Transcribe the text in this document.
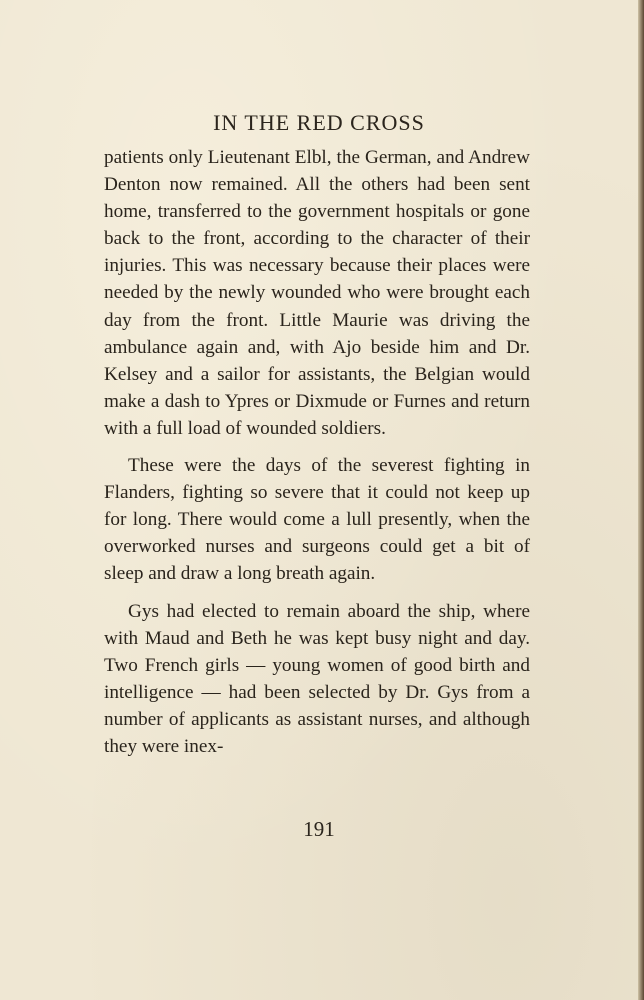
IN THE RED CROSS

patients only Lieutenant Elbl, the German, and Andrew Denton now remained. All the others had been sent home, transferred to the government hospitals or gone back to the front, according to the character of their injuries. This was necessary because their places were needed by the newly wounded who were brought each day from the front. Little Maurie was driving the ambulance again and, with Ajo beside him and Dr. Kelsey and a sailor for assistants, the Belgian would make a dash to Ypres or Dixmude or Furnes and return with a full load of wounded soldiers.

These were the days of the severest fighting in Flanders, fighting so severe that it could not keep up for long. There would come a lull presently, when the overworked nurses and surgeons could get a bit of sleep and draw a long breath again.

Gys had elected to remain aboard the ship, where with Maud and Beth he was kept busy night and day. Two French girls — young women of good birth and intelligence — had been selected by Dr. Gys from a number of applicants as assistant nurses, and although they were inex-

191
